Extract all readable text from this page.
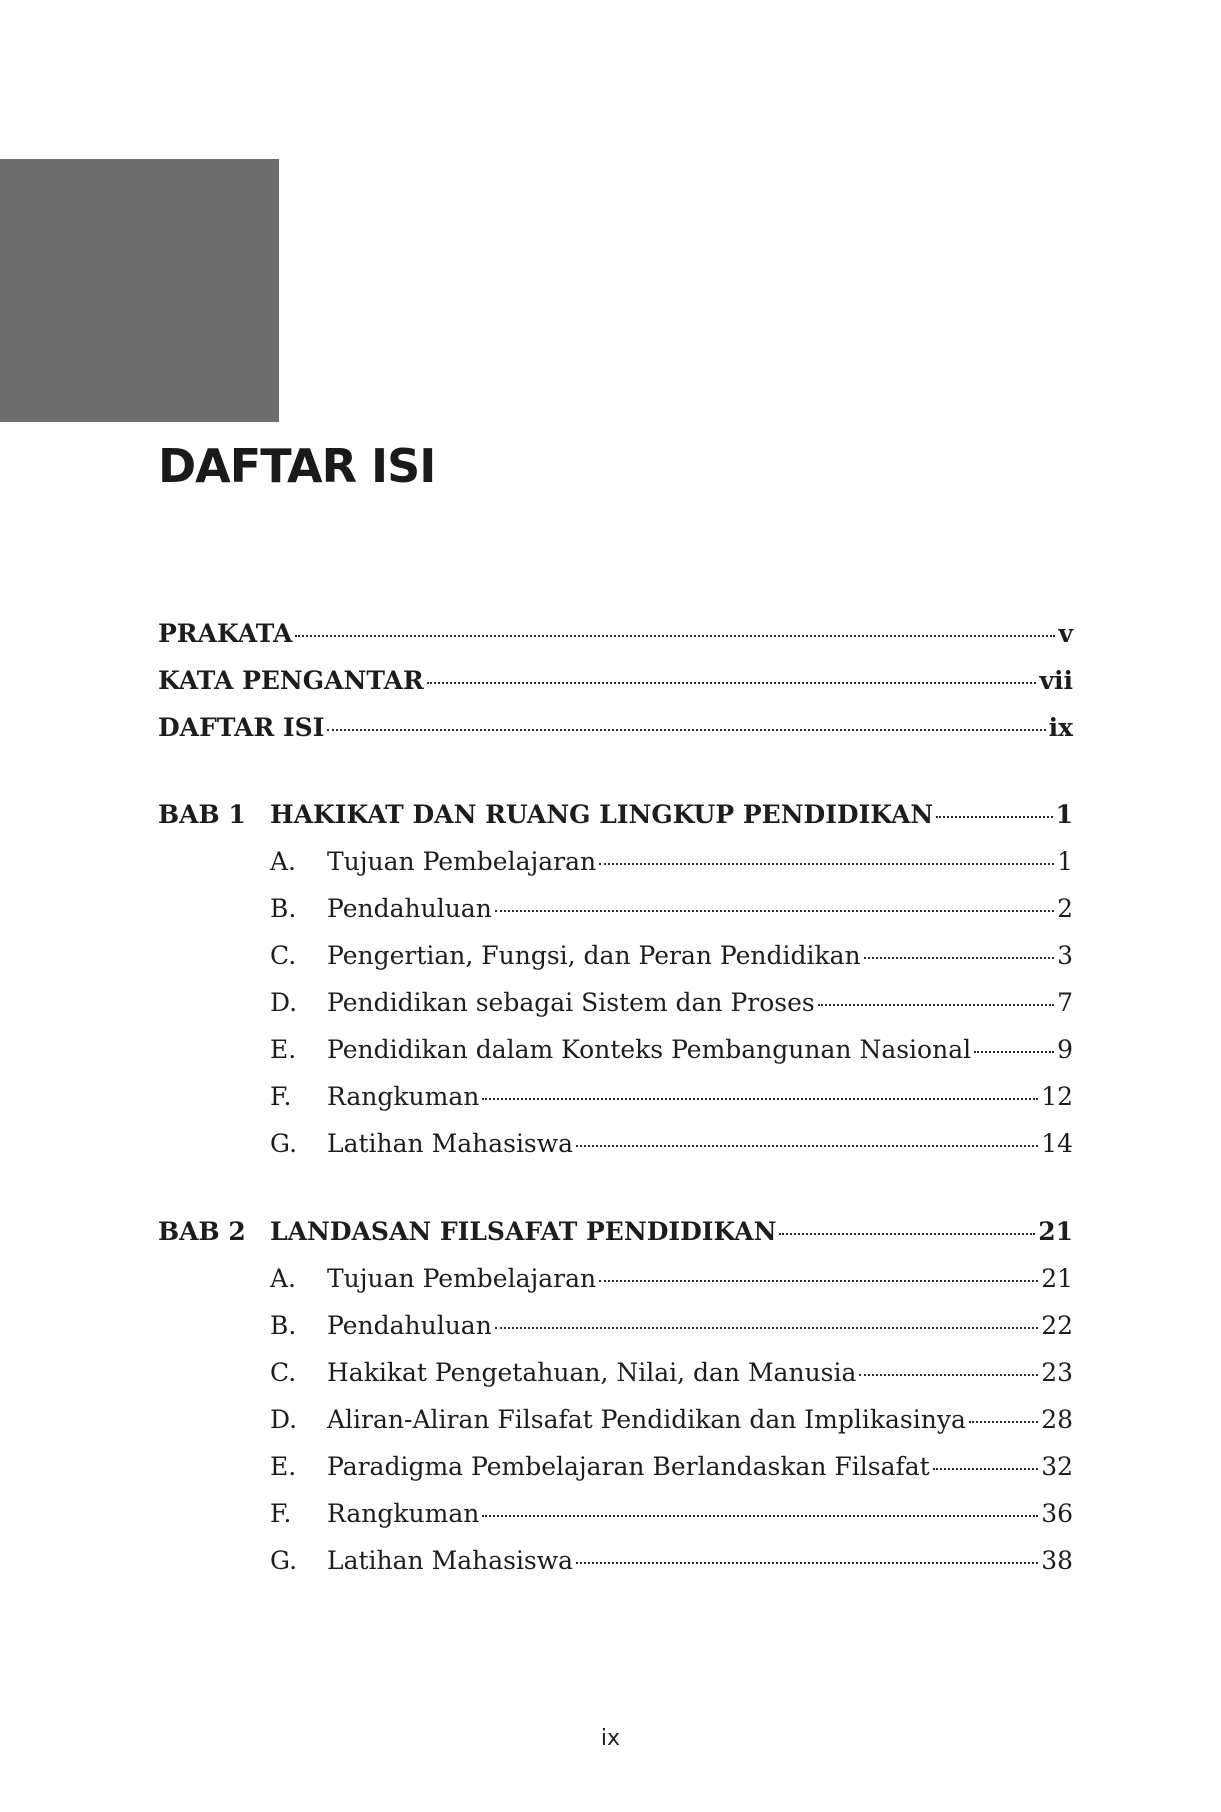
DAFTAR ISI
PRAKATA	v
KATA PENGANTAR	vii
DAFTAR ISI	ix
BAB 1 HAKIKAT DAN RUANG LINGKUP PENDIDIKAN	1
A.	Tujuan Pembelajaran	1
B.	Pendahuluan	2
C.	Pengertian, Fungsi, dan Peran Pendidikan	3
D.	Pendidikan sebagai Sistem dan Proses	7
E.	Pendidikan dalam Konteks Pembangunan Nasional	9
F.	Rangkuman	12
G.	Latihan Mahasiswa	14
BAB 2 LANDASAN FILSAFAT PENDIDIKAN	21
A.	Tujuan Pembelajaran	21
B.	Pendahuluan	22
C.	Hakikat Pengetahuan, Nilai, dan Manusia	23
D.	Aliran-Aliran Filsafat Pendidikan dan Implikasinya	28
E.	Paradigma Pembelajaran Berlandaskan Filsafat	32
F.	Rangkuman	36
G.	Latihan Mahasiswa	38
ix
